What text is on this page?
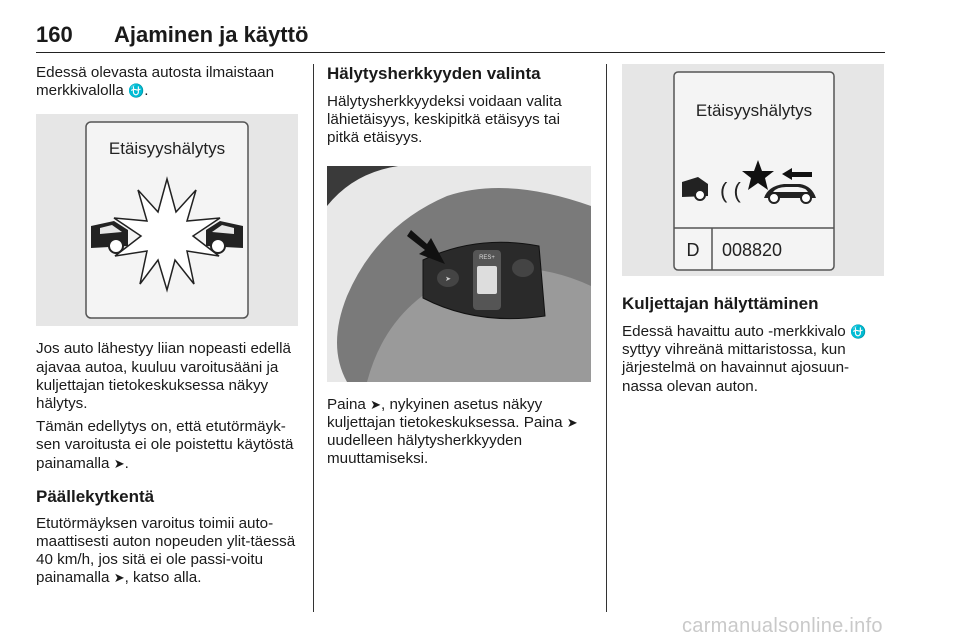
160 Ajaminen ja käyttö

Edessä olevasta autosta ilmaistaan merkkivalolla ⛎.

Etäisyyshälytys

Jos auto lähestyy liian nopeasti edellä ajavaa autoa, kuuluu varoitusääni ja kuljettajan tietokeskuksessa näkyy hälytys.

Tämän edellytys on, että etutörmäyk-sen varoitusta ei ole poistettu käytöstä painamalla ➤.

Päällekytkentä

Etutörmäyksen varoitus toimii auto-maattisesti auton nopeuden ylit-täessä 40 km/h, jos sitä ei ole passi-voitu painamalla ➤, katso alla.

Hälytysherkkyyden valinta

Hälytysherkkyydeksi voidaan valita lähietäisyys, keskipitkä etäisyys tai pitkä etäisyys.

RES+
➤

Paina ➤, nykyinen asetus näkyy kuljettajan tietokeskuksessa. Paina ➤ uudelleen hälytysherkkyyden muuttamiseksi.

Etäisyyshälytys
( (
D 008820

Kuljettajan hälyttäminen

Edessä havaittu auto -merkkivalo ⛎ syttyy vihreänä mittaristossa, kun järjestelmä on havainnut ajosuun-nassa olevan auton.

carmanualsonline.info
